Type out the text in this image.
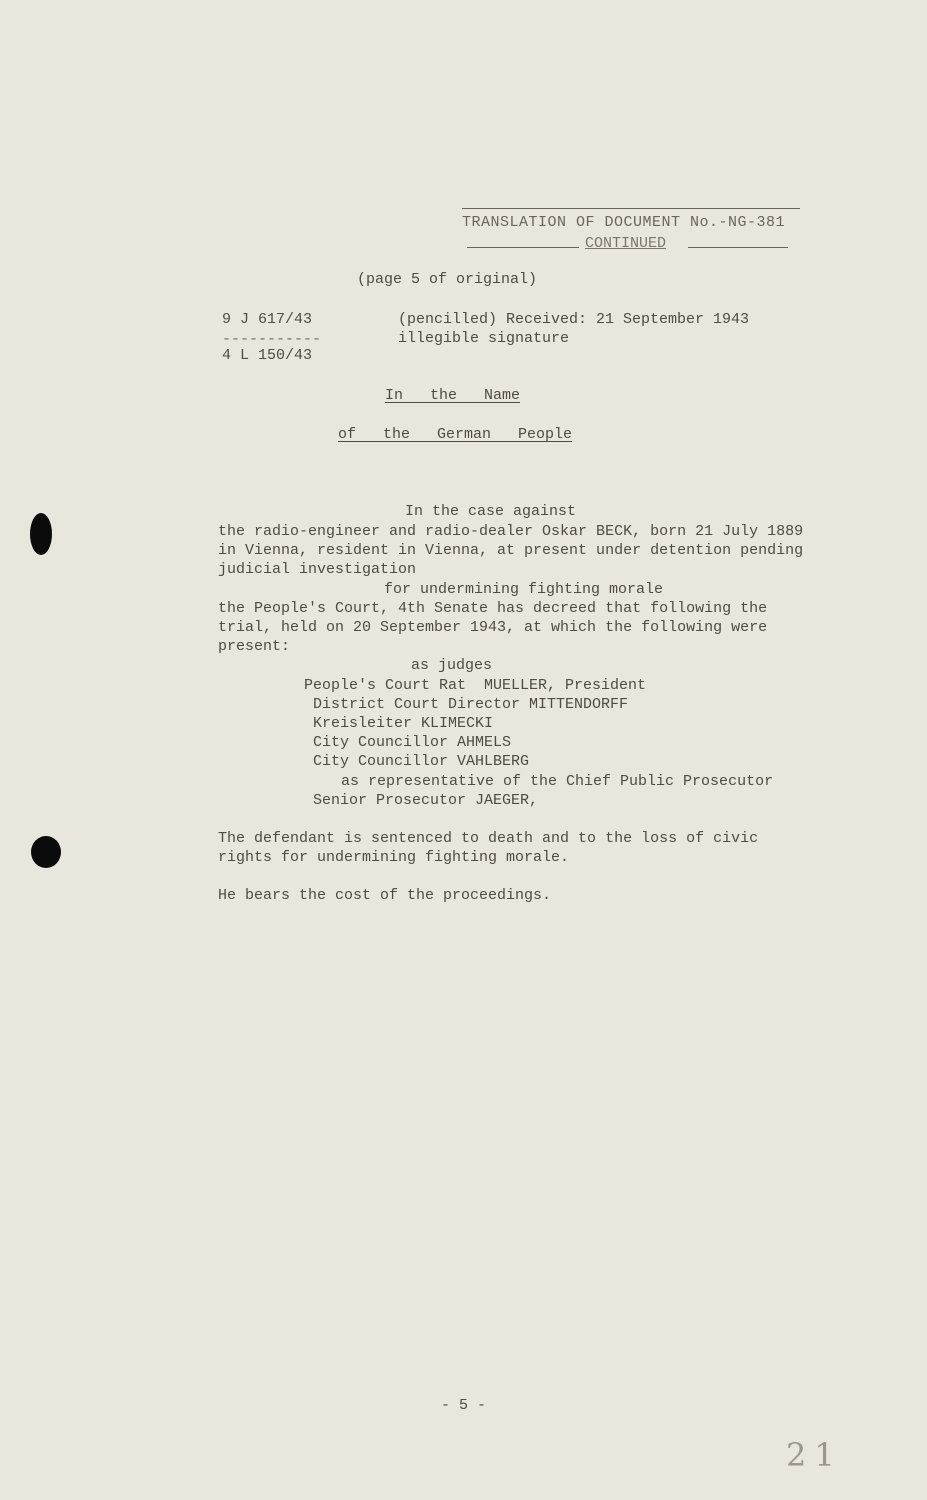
TRANSLATION OF DOCUMENT No.-NG-381
CONTINUED
(page 5 of original)
9 J 617/43
-----------
4 L 150/43
(pencilled) Received: 21 September 1943
illegible signature
In   the   Name
of   the   German   People
In the case against
the radio-engineer and radio-dealer Oskar BECK, born 21 July 1889
in Vienna, resident in Vienna, at present under detention pending
judicial investigation
for undermining fighting morale
the People's Court, 4th Senate has decreed that following the
trial, held on 20 September 1943, at which the following were
present:
as judges
People's Court Rat  MUELLER, President
District Court Director MITTENDORFF
Kreisleiter KLIMECKI
City Councillor AHMELS
City Councillor VAHLBERG
as representative of the Chief Public Prosecutor
Senior Prosecutor JAEGER,
The defendant is sentenced to death and to the loss of civic
rights for undermining fighting morale.
He bears the cost of the proceedings.
- 5 -
21
